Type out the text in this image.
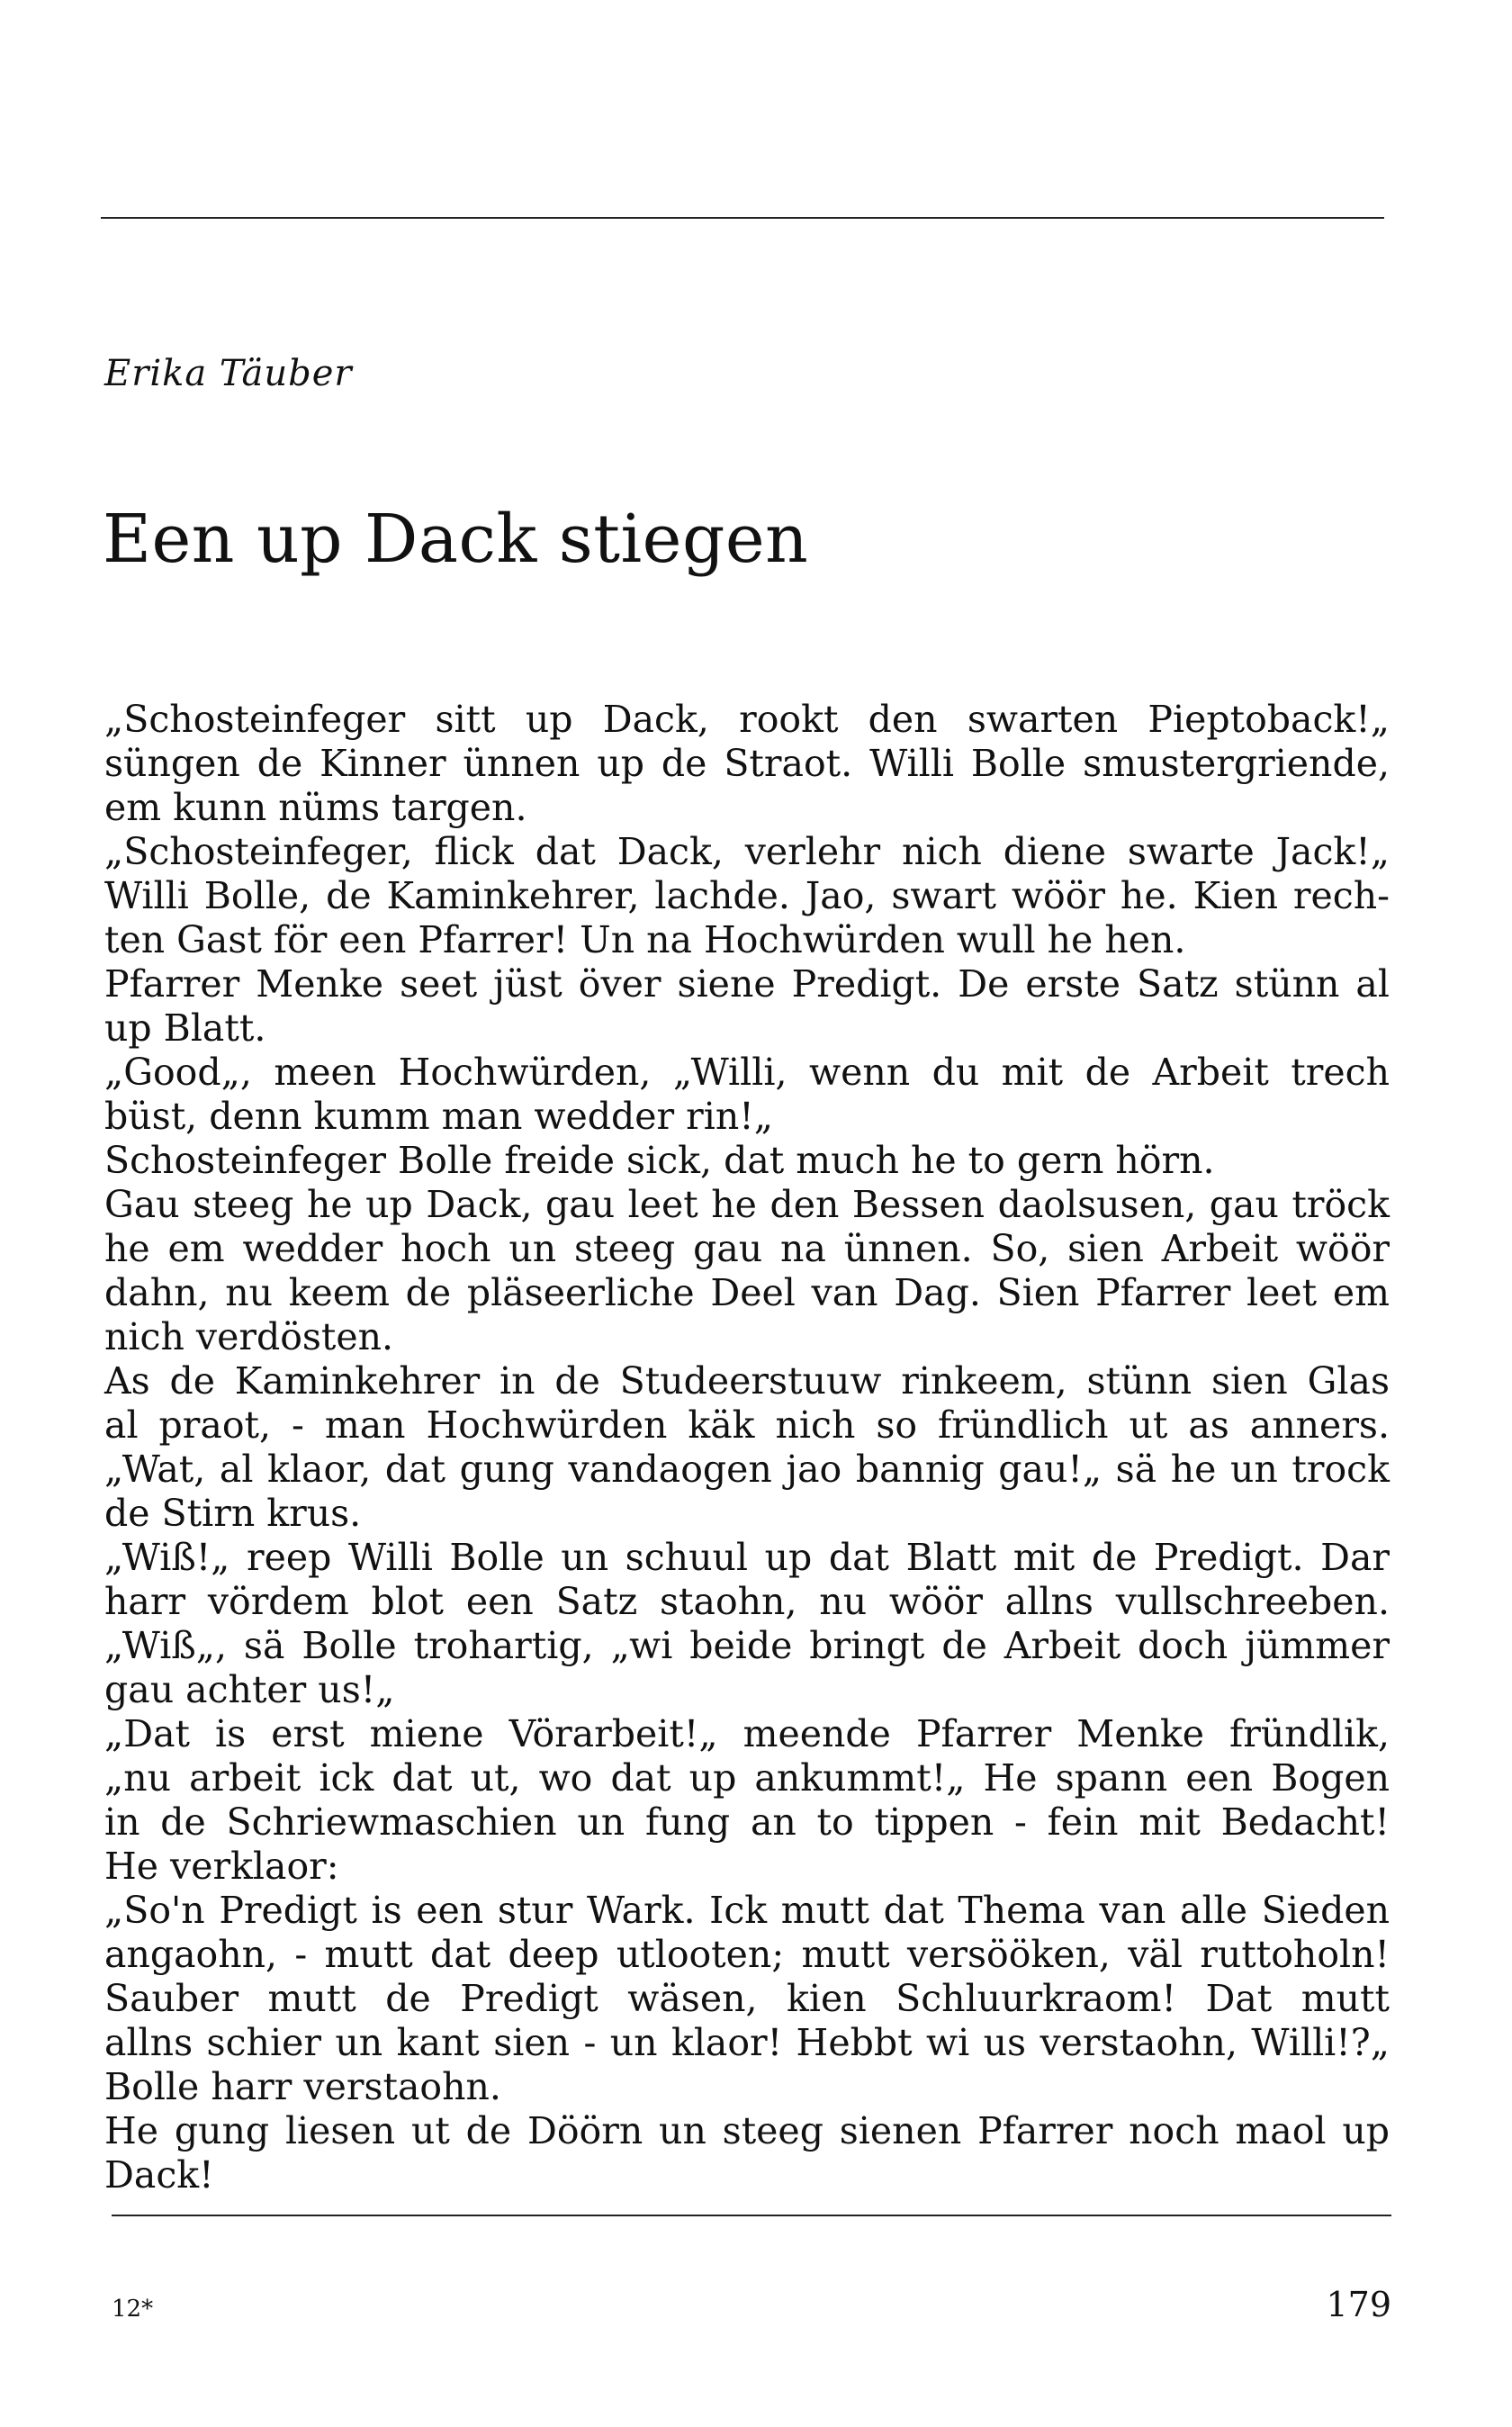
Erika Täuber
Een up Dack stiegen
„Schosteinfeger sitt up Dack, rookt den swarten Pieptoback!„
süngen de Kinner ünnen up de Straot. Willi Bolle smustergriende,
em kunn nüms targen.
„Schosteinfeger, flick dat Dack, verlehr nich diene swarte Jack!„
Willi Bolle, de Kaminkehrer, lachde. Jao, swart wöör he. Kien rech-
ten Gast för een Pfarrer! Un na Hochwürden wull he hen.
Pfarrer Menke seet jüst över siene Predigt. De erste Satz stünn al
up Blatt.
„Good„, meen Hochwürden, „Willi, wenn du mit de Arbeit trech
büst, denn kumm man wedder rin!„
Schosteinfeger Bolle freide sick, dat much he to gern hörn.
Gau steeg he up Dack, gau leet he den Bessen daolsusen, gau tröck
he em wedder hoch un steeg gau na ünnen. So, sien Arbeit wöör
dahn, nu keem de pläseerliche Deel van Dag. Sien Pfarrer leet em
nich verdösten.
As de Kaminkehrer in de Studeerstuuw rinkeem, stünn sien Glas
al praot, - man Hochwürden käk nich so fründlich ut as anners.
„Wat, al klaor, dat gung vandaogen jao bannig gau!„ sä he un trock
de Stirn krus.
„Wiß!„ reep Willi Bolle un schuul up dat Blatt mit de Predigt. Dar
harr vördem blot een Satz staohn, nu wöör allns vullschreeben.
„Wiß„, sä Bolle trohartig, „wi beide bringt de Arbeit doch jümmer
gau achter us!„
„Dat is erst miene Vörarbeit!„ meende Pfarrer Menke fründlik,
„nu arbeit ick dat ut, wo dat up ankummt!„ He spann een Bogen
in de Schriewmaschien un fung an to tippen - fein mit Bedacht!
He verklaor:
„So'n Predigt is een stur Wark. Ick mutt dat Thema van alle Sieden
angaohn, - mutt dat deep utlooten; mutt versööken, väl ruttoholn!
Sauber mutt de Predigt wäsen, kien Schluurkraom! Dat mutt
allns schier un kant sien - un klaor! Hebbt wi us verstaohn, Willi!?„
Bolle harr verstaohn.
He gung liesen ut de Döörn un steeg sienen Pfarrer noch maol up
Dack!
12*	179
